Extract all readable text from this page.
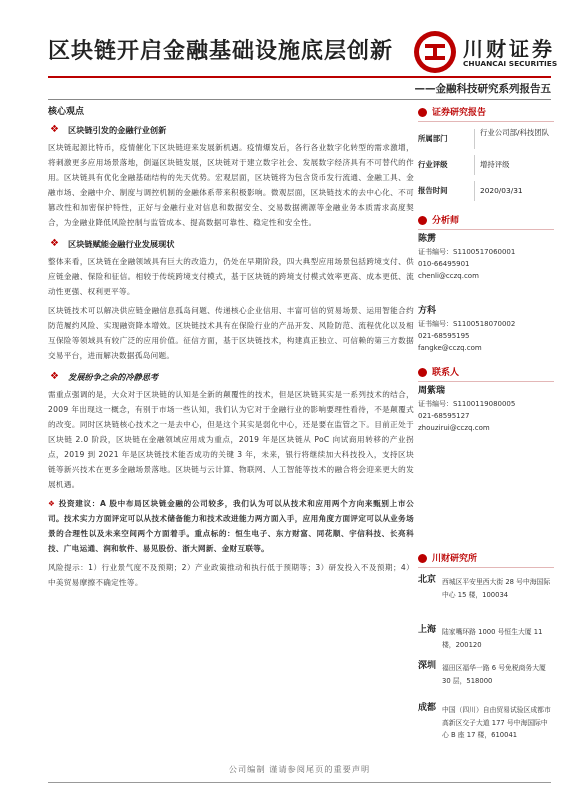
区块链开启金融基础设施底层创新	川财证券
CHUANCAI SECURITIES
——金融科技研究系列报告五
核心观点
❖ 区块链引发的金融行业创新

区块链起源比特币，疫情催化下区块链迎来发展新机遇。疫情爆发后，各行各业数字化转型的需求激增，将刺激更多应用场景落地，倒逼区块链发展，区块链对于建立数字社会、发展数字经济具有不可替代的作用。区块链具有优化金融基础结构的先天优势。宏观层面，区块链将为包含货币发行流通、金融工具、金融市场、金融中介、制度与调控机制的金融体系带来积极影响。微观层面，区块链技术的去中心化、不可篡改性和加密保护特性，正好与金融行业对信息和数据安全、交易数据溯源等金融业务本质需求高度契合，为金融业降低风险控制与监管成本、提高数据可靠性、稳定性和安全性。

❖ 区块链赋能金融行业发展现状

整体来看，区块链在金融领域具有巨大的改造力，仍处在早期阶段，四大典型应用场景包括跨境支付、供应链金融、保险和征信。相较于传统跨境支付模式，基于区块链的跨境支付模式效率更高、成本更低、流动性更强、权利更平等。

区块链技术可以解决供应链金融信息孤岛问题、传递核心企业信用、丰富可信的贸易场景、运用智能合约防范履约风险、实现融资降本增效。区块链技术具有在保险行业的产品开发、风险防范、流程优化以及相互保险等领域具有较广泛的应用价值。征信方面，基于区块链技术，构建真正独立、可信赖的第三方数据交易平台，进而解决数据孤岛问题。

❖ 发展纷争之余的冷静思考

需重点强调的是，大众对于区块链的认知是全新的颠覆性的技术，但是区块链其实是一系列技术的结合，2009 年出现这一概念，有别于市场一些认知，我们认为它对于金融行业的影响要理性看待，不是颠覆式的改变。同时区块链核心技术之一是去中心，但是这个其实是弱化中心，还是要在监管之下。目前正处于区块链 2.0 阶段，区块链在金融领域应用成为重点，2019 年是区块链从 PoC 向试商用转移的产业拐点，2019 到 2021 年是区块链技术能否成功的关键 3 年，未来，银行将继续加大科技投入，支持区块链等新兴技术在更多金融场景落地。区块链与云计算、物联网、人工智能等技术的融合将会迎来更大的发展机遇。

❖ 投资建议：A 股中布局区块链金融的公司较多，我们认为可以从技术和应用两个方向来甄别上市公司。技术实力方面评定可以从技术储备能力和技术改进能力两方面入手，应用角度方面评定可以从业务场景的合理性以及未来空间两个方面着手。重点标的：恒生电子、东方财富、同花顺、宇信科技、长亮科技、广电运通、润和软件、易见股份、浙大网新、金财互联等。

风险提示：1）行业景气度不及预期；2）产业政策推动和执行低于预期等；3）研发投入不及预期；4）中美贸易摩擦不确定性等。

证券研究报告
所属部门
行业公司部/科技团队
行业评级	增持评级
报告时间	2020/03/31
分析师
陈雳
证书编号：S1100517060001
010-66495901
chenli@cczq.com
方科
证书编号：S1100518070002
021-68595195
fangke@cczq.com
联系人
周紫瑞
证书编号：S1100119080005
021-68595127
zhouzirui@cczq.com
川财研究所
北京 西城区平安里西大街 28 号中海国际中心 15 楼，100034
上海 陆家嘴环路 1000 号恒生大厦 11 楼，200120
深圳 福田区福华一路 6 号免税商务大厦 30 层，518000
成都 中国（四川）自由贸易试验区成都市高新区交子大道 177 号中海国际中心 B 座 17 楼，610041
公司编制 谨请参阅尾页的重要声明
